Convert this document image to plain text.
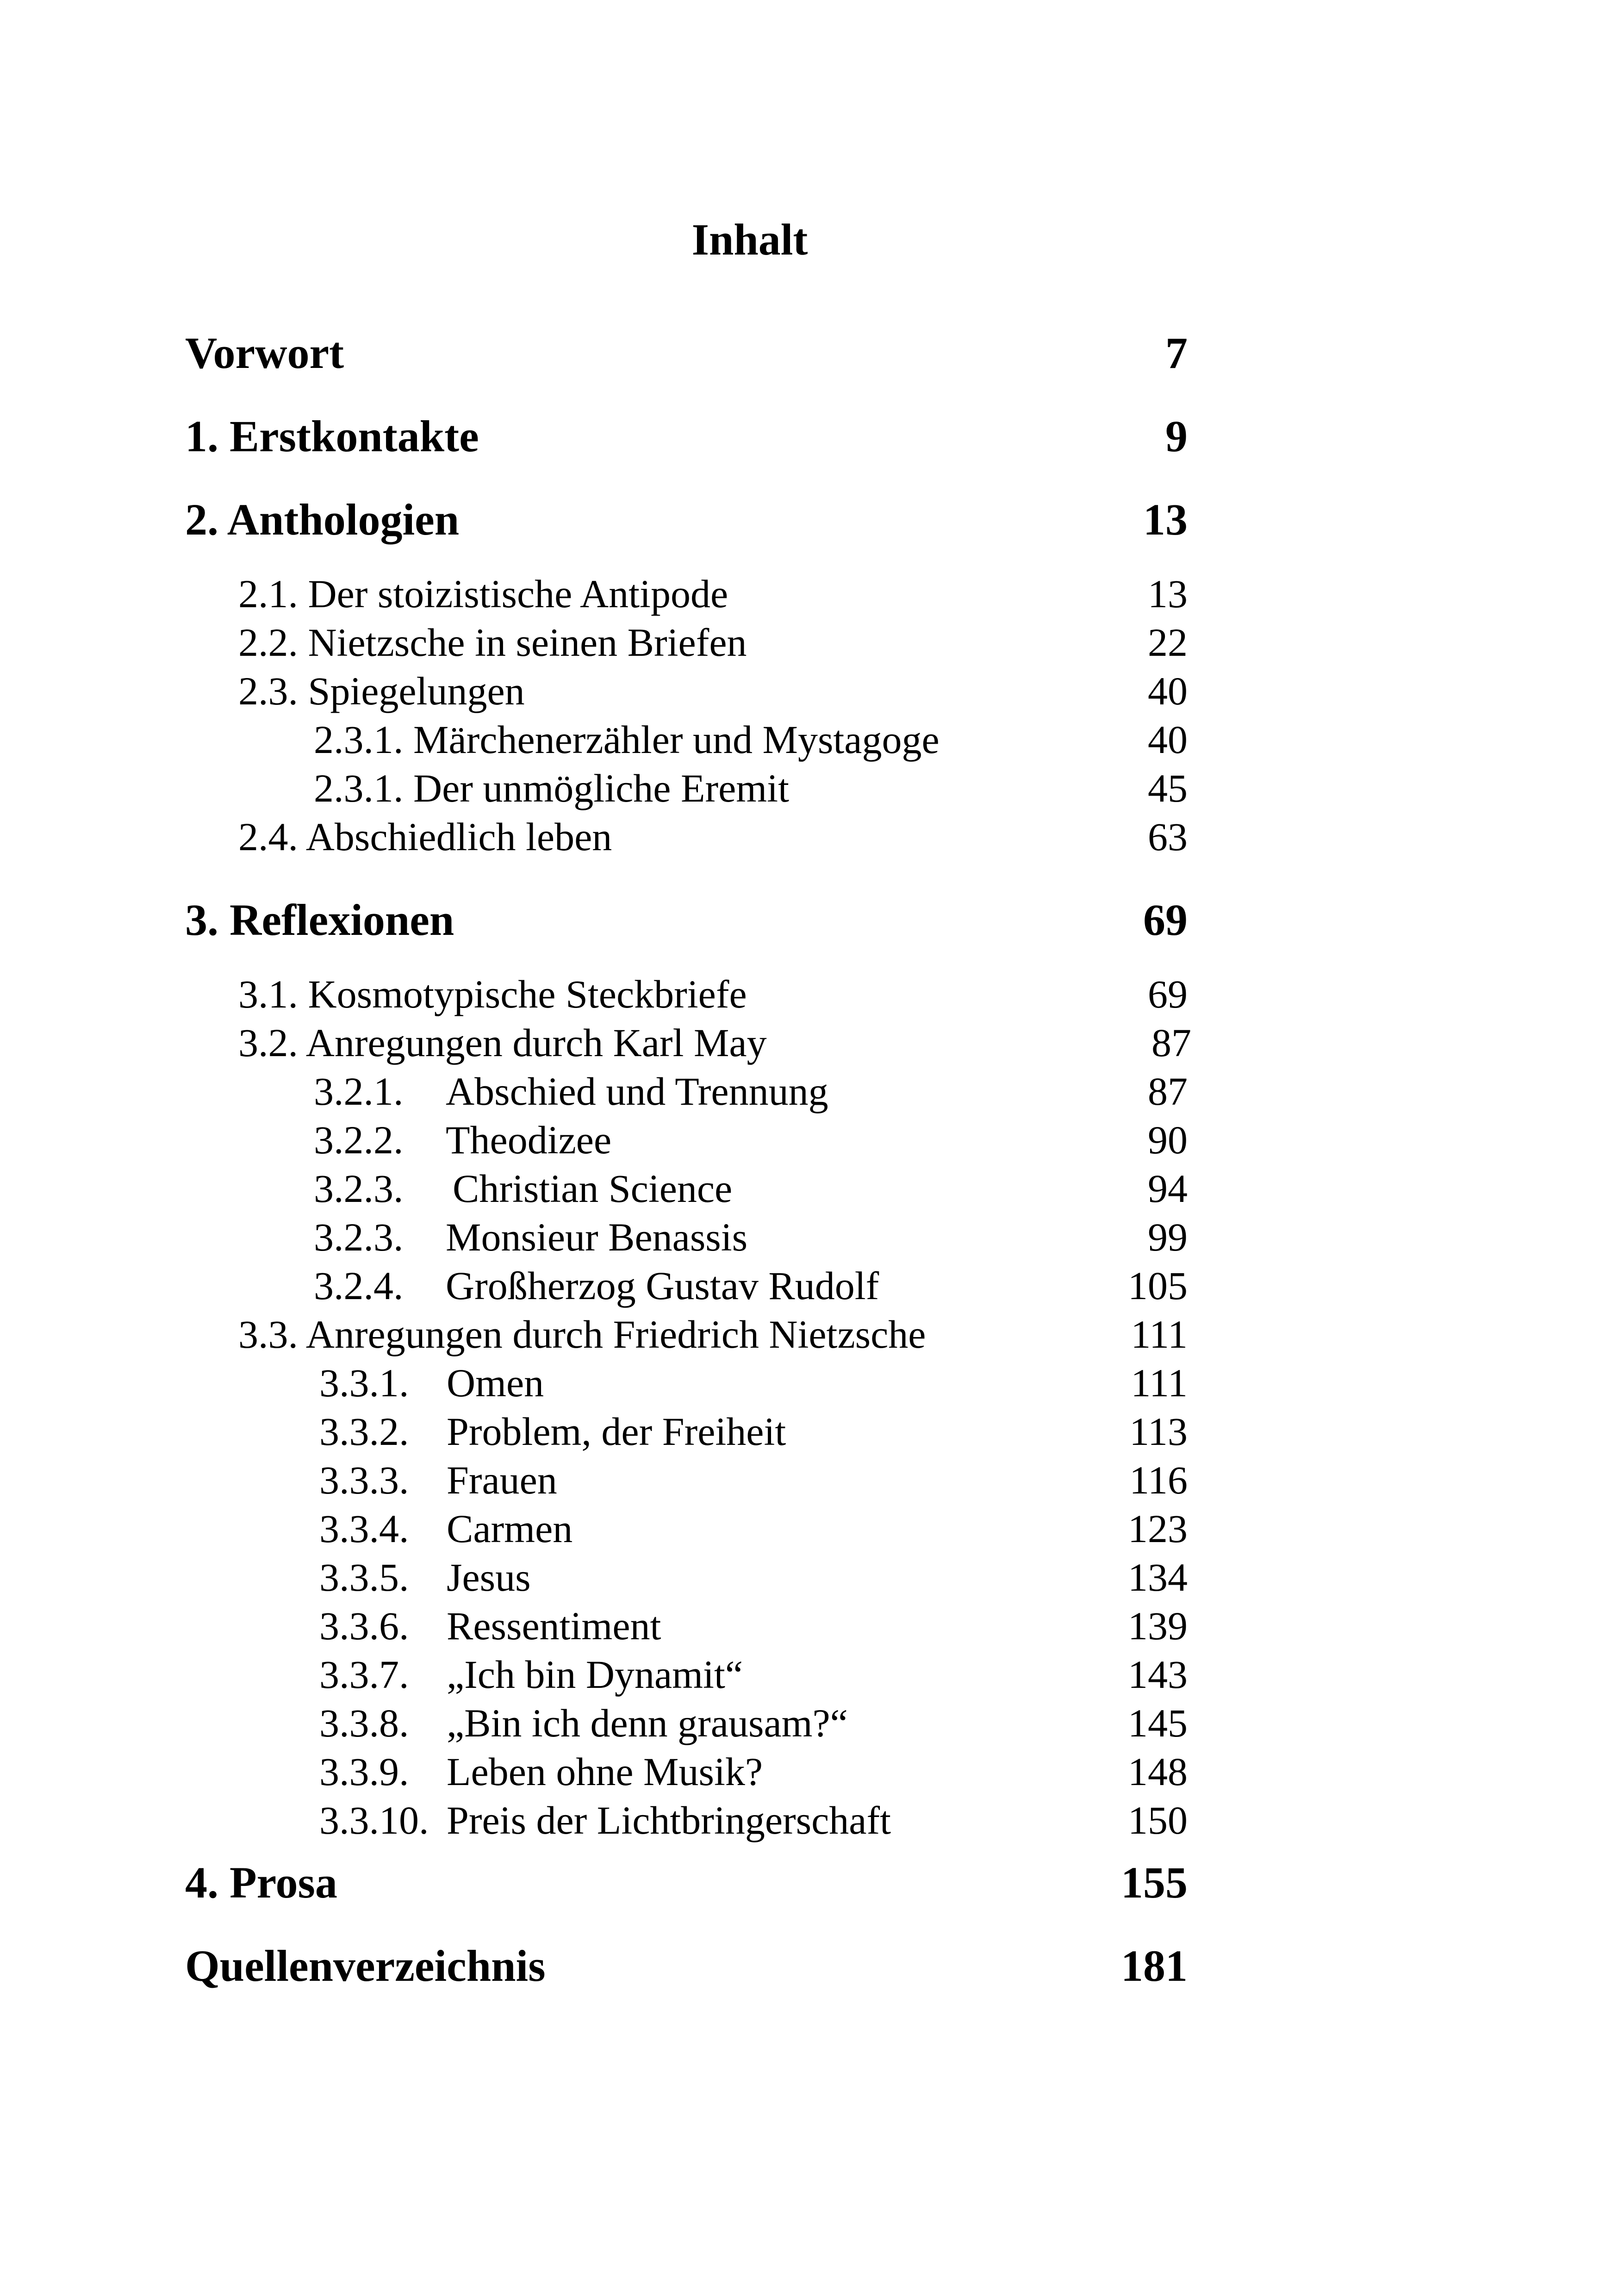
Inhalt
Vorwort	7
1. Erstkontakte	9
2. Anthologien	13
2.1. Der stoizistische Antipode	13
2.2. Nietzsche in seinen Briefen	22
2.3. Spiegelungen	40
2.3.1. Märchenerzähler und Mystagoge	40
2.3.1. Der unmögliche Eremit	45
2.4. Abschiedlich leben	63
3. Reflexionen	69
3.1. Kosmotypische Steckbriefe	69
3.2. Anregungen durch Karl May	87
3.2.1. Abschied und Trennung	87
3.2.2. Theodizee	90
3.2.3. Christian Science	94
3.2.3. Monsieur Benassis	99
3.2.4. Großherzog Gustav Rudolf	105
3.3. Anregungen durch Friedrich Nietzsche	111
3.3.1. Omen	111
3.3.2. Problem, der Freiheit	113
3.3.3. Frauen	116
3.3.4. Carmen	123
3.3.5. Jesus	134
3.3.6. Ressentiment	139
3.3.7. „Ich bin Dynamit“	143
3.3.8. „Bin ich denn grausam?“	145
3.3.9. Leben ohne Musik?	148
3.3.10. Preis der Lichtbringerschaft	150
4. Prosa	155
Quellenverzeichnis	181
